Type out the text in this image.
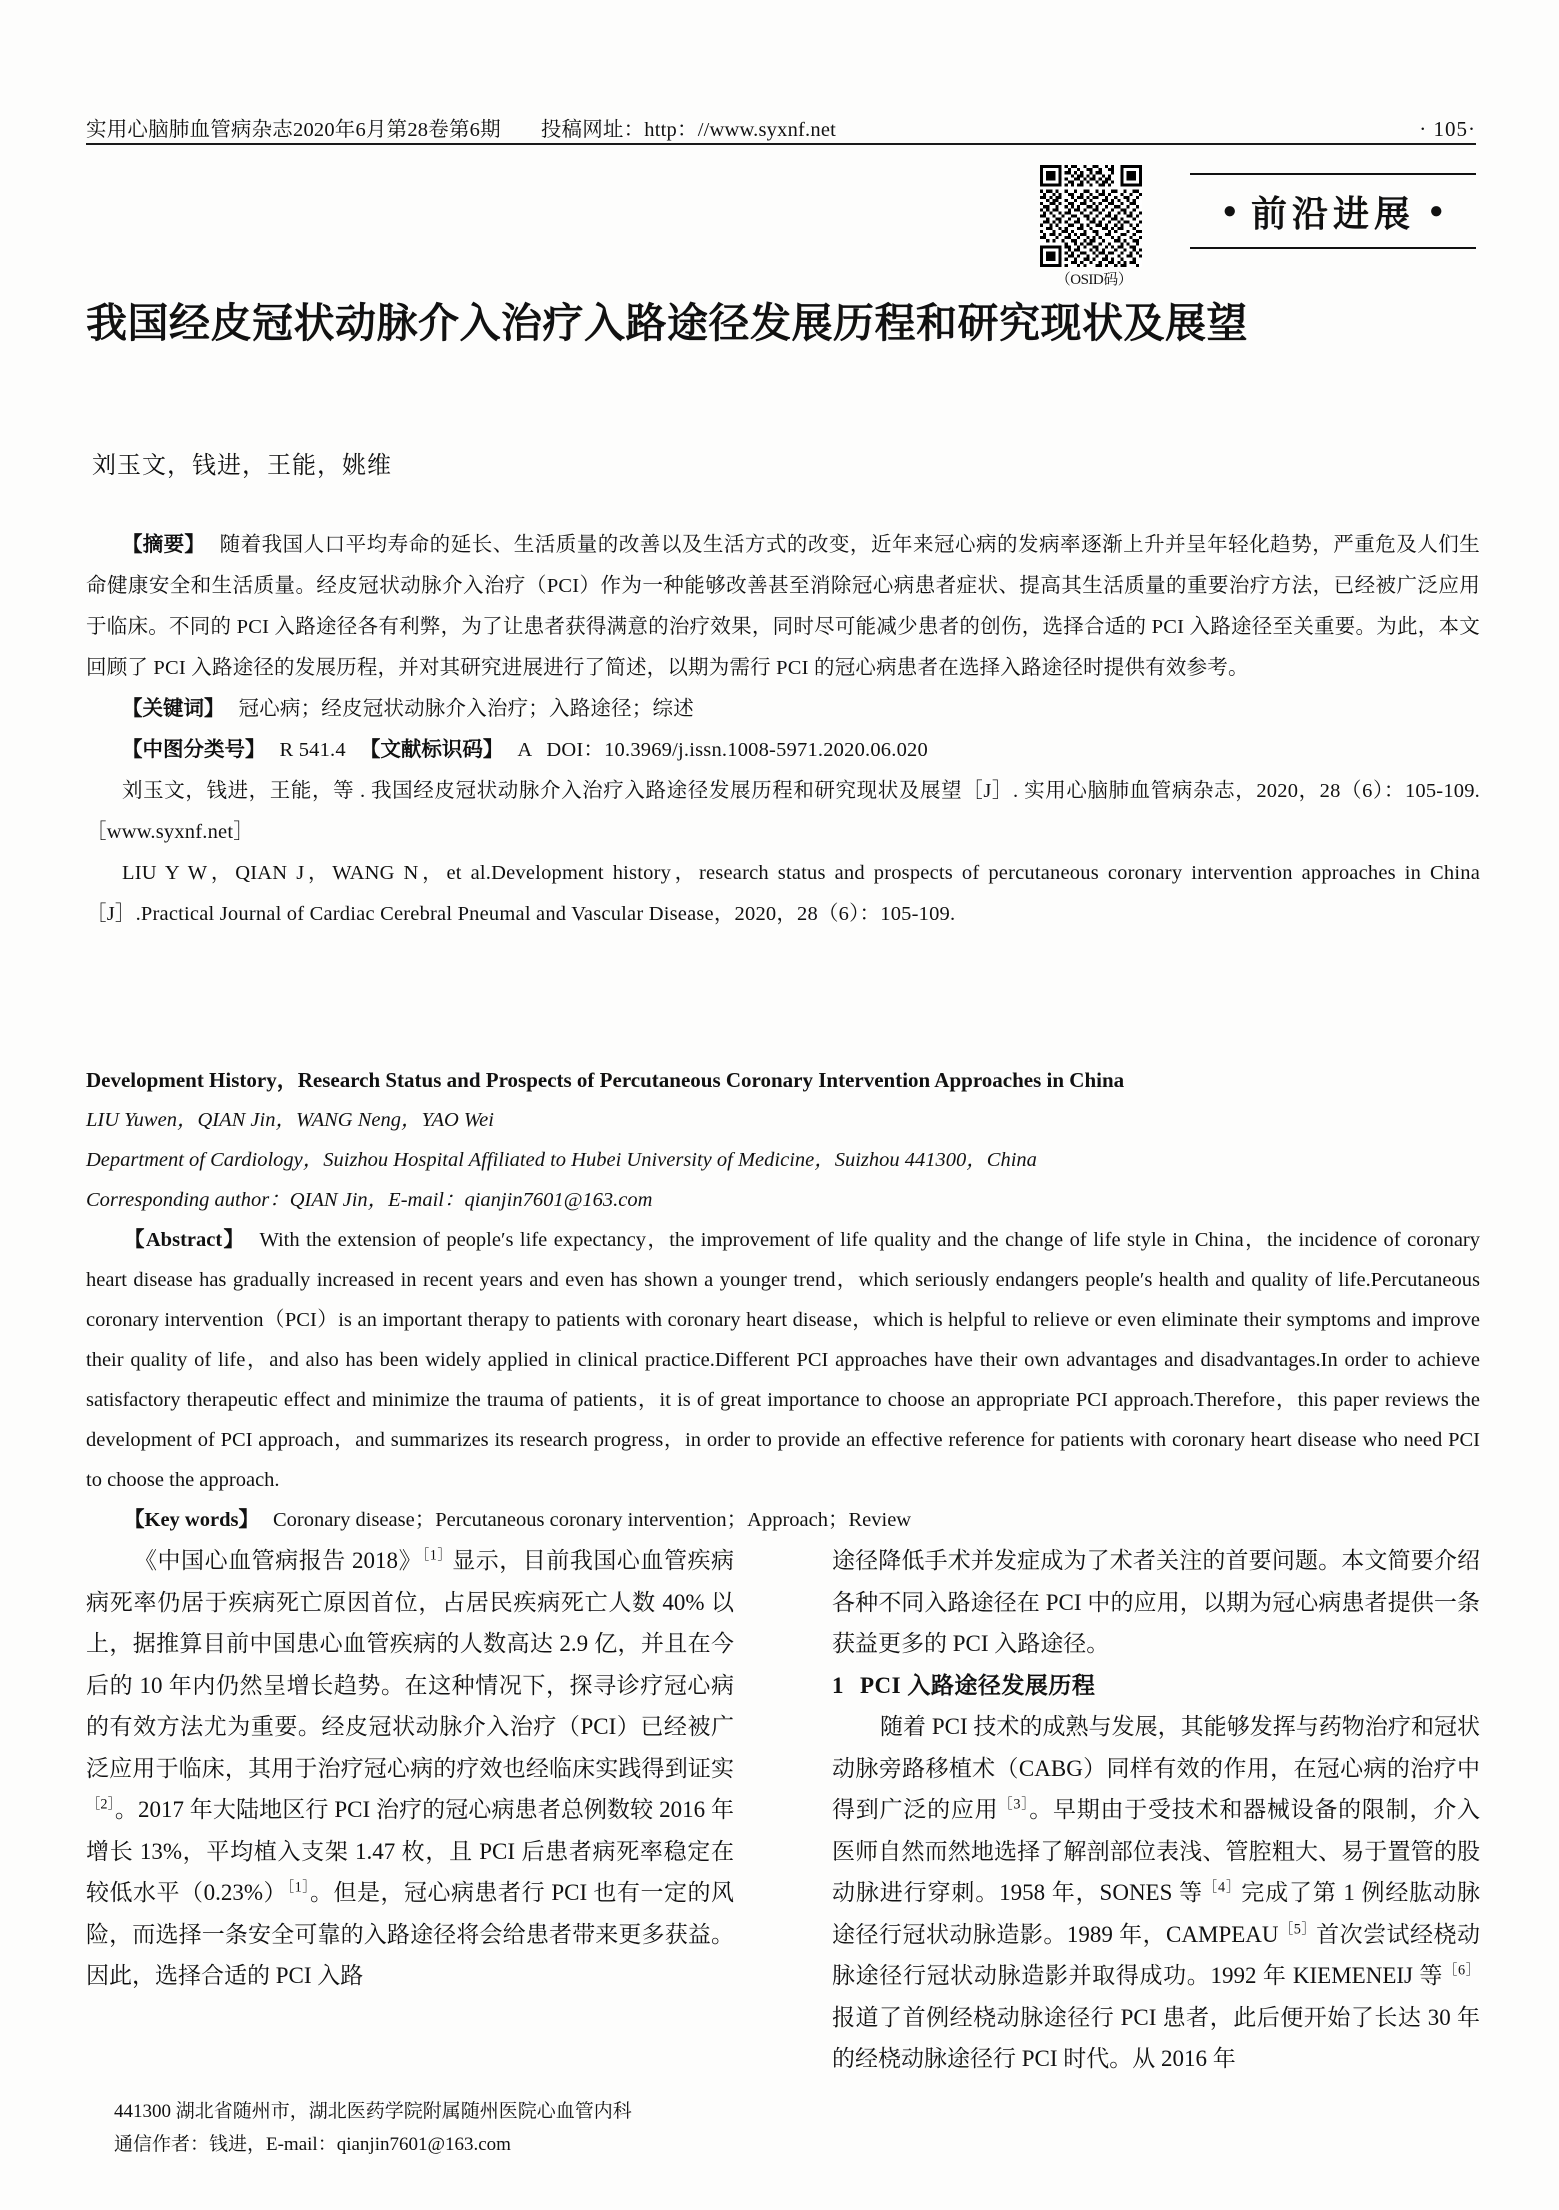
实用心脑肺血管病杂志2020年6月第28卷第6期 投稿网址：http：//www.syxnf.net	· 105·
（OSID码）
● 前沿进展 ●
我国经皮冠状动脉介入治疗入路途径发展历程和研究现状及展望
刘玉文，钱进，王能，姚维

【摘要】 随着我国人口平均寿命的延长、生活质量的改善以及生活方式的改变，近年来冠心病的发病率逐渐上升并呈年轻化趋势，严重危及人们生命健康安全和生活质量。经皮冠状动脉介入治疗（PCI）作为一种能够改善甚至消除冠心病患者症状、提高其生活质量的重要治疗方法，已经被广泛应用于临床。不同的 PCI 入路途径各有利弊，为了让患者获得满意的治疗效果，同时尽可能减少患者的创伤，选择合适的 PCI 入路途径至关重要。为此，本文回顾了 PCI 入路途径的发展历程，并对其研究进展进行了简述，以期为需行 PCI 的冠心病患者在选择入路途径时提供有效参考。

【关键词】 冠心病；经皮冠状动脉介入治疗；入路途径；综述

【中图分类号】 R 541.4 【文献标识码】 A DOI：10.3969/j.issn.1008-5971.2020.06.020

刘玉文，钱进，王能，等 . 我国经皮冠状动脉介入治疗入路途径发展历程和研究现状及展望［J］. 实用心脑肺血管病杂志，2020，28（6）：105-109.［www.syxnf.net］

LIU Y W，QIAN J，WANG N，et al.Development history，research status and prospects of percutaneous coronary intervention approaches in China［J］.Practical Journal of Cardiac Cerebral Pneumal and Vascular Disease，2020，28（6）：105-109.

Development History，Research Status and Prospects of Percutaneous Coronary Intervention Approaches in China

LIU Yuwen，QIAN Jin，WANG Neng，YAO Wei

Department of Cardiology，Suizhou Hospital Affiliated to Hubei University of Medicine，Suizhou 441300，China

Corresponding author：QIAN Jin，E-mail：qianjin7601@163.com

【Abstract】 With the extension of people′s life expectancy，the improvement of life quality and the change of life style in China，the incidence of coronary heart disease has gradually increased in recent years and even has shown a younger trend，which seriously endangers people′s health and quality of life.Percutaneous coronary intervention（PCI）is an important therapy to patients with coronary heart disease，which is helpful to relieve or even eliminate their symptoms and improve their quality of life，and also has been widely applied in clinical practice.Different PCI approaches have their own advantages and disadvantages.In order to achieve satisfactory therapeutic effect and minimize the trauma of patients，it is of great importance to choose an appropriate PCI approach.Therefore，this paper reviews the development of PCI approach，and summarizes its research progress，in order to provide an effective reference for patients with coronary heart disease who need PCI to choose the approach.

【Key words】 Coronary disease；Percutaneous coronary intervention；Approach；Review

《中国心血管病报告 2018》$^{[1]}$显示，目前我国心血管疾病病死率仍居于疾病死亡原因首位，占居民疾病死亡人数 40% 以上，据推算目前中国患心血管疾病的人数高达 2.9 亿，并且在今后的 10 年内仍然呈增长趋势。在这种情况下，探寻诊疗冠心病的有效方法尤为重要。经皮冠状动脉介入治疗（PCI）已经被广泛应用于临床，其用于治疗冠心病的疗效也经临床实践得到证实$^{[2]}$。2017 年大陆地区行 PCI 治疗的冠心病患者总例数较 2016 年增长 13%，平均植入支架 1.47 枚，且 PCI 后患者病死率稳定在较低水平（0.23%）$^{[1]}$。但是，冠心病患者行 PCI 也有一定的风险，而选择一条安全可靠的入路途径将会给患者带来更多获益。因此，选择合适的 PCI 入路

途径降低手术并发症成为了术者关注的首要问题。本文简要介绍各种不同入路途径在 PCI 中的应用，以期为冠心病患者提供一条获益更多的 PCI 入路途径。

1 PCI 入路途径发展历程

随着 PCI 技术的成熟与发展，其能够发挥与药物治疗和冠状动脉旁路移植术（CABG）同样有效的作用，在冠心病的治疗中得到广泛的应用$^{[3]}$。早期由于受技术和器械设备的限制，介入医师自然而然地选择了解剖部位表浅、管腔粗大、易于置管的股动脉进行穿刺。1958 年，SONES 等$^{[4]}$完成了第 1 例经肱动脉途径行冠状动脉造影。1989 年，CAMPEAU$^{[5]}$首次尝试经桡动脉途径行冠状动脉造影并取得成功。1992 年 KIEMENEIJ 等$^{[6]}$报道了首例经桡动脉途径行 PCI 患者，此后便开始了长达 30 年的经桡动脉途径行 PCI 时代。从 2016 年

441300 湖北省随州市，湖北医药学院附属随州医院心血管内科

通信作者：钱进，E-mail：qianjin7601@163.com
